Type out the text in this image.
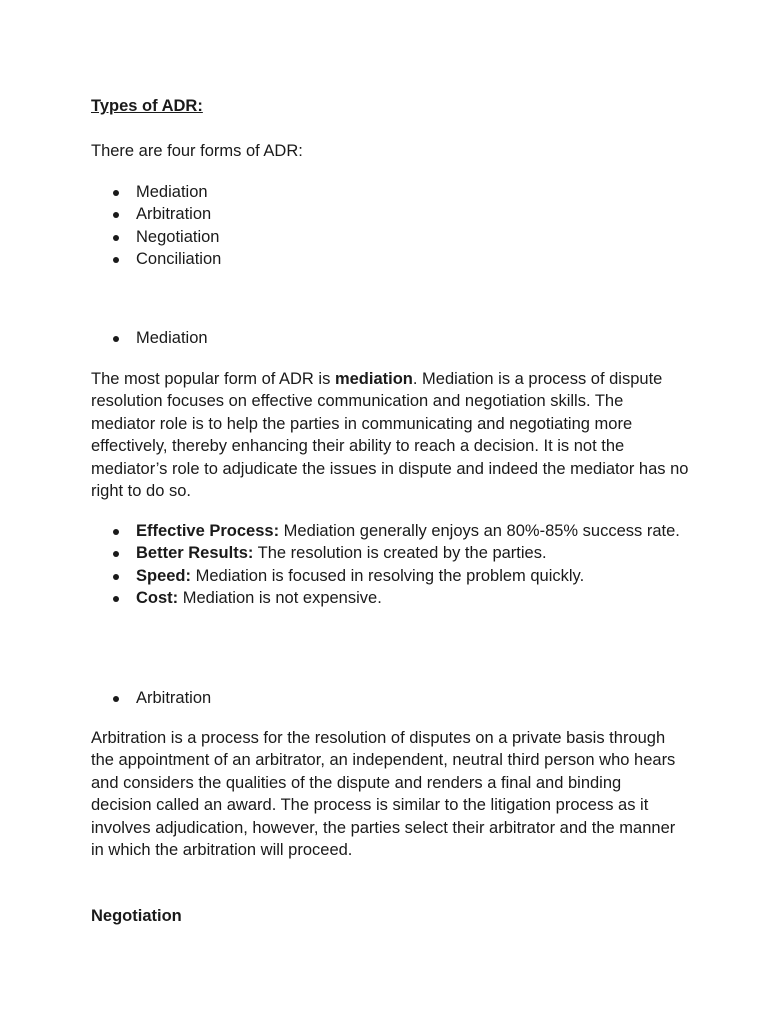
Types of ADR:

There are four forms of ADR:

Mediation
Arbitration
Negotiation
Conciliation
Mediation

The most popular form of ADR is mediation. Mediation is a process of dispute resolution focuses on effective communication and negotiation skills. The mediator role is to help the parties in communicating and negotiating more effectively, thereby enhancing their ability to reach a decision. It is not the mediator’s role to adjudicate the issues in dispute and indeed the mediator has no right to do so.

Effective Process: Mediation generally enjoys an 80%-85% success rate.
Better Results: The resolution is created by the parties.
Speed: Mediation is focused in resolving the problem quickly.
Cost: Mediation is not expensive.
Arbitration

Arbitration is a process for the resolution of disputes on a private basis through the appointment of an arbitrator, an independent, neutral third person who hears and considers the qualities of the dispute and renders a final and binding decision called an award. The process is similar to the litigation process as it involves adjudication, however, the parties select their arbitrator and the manner in which the arbitration will proceed.

Negotiation
